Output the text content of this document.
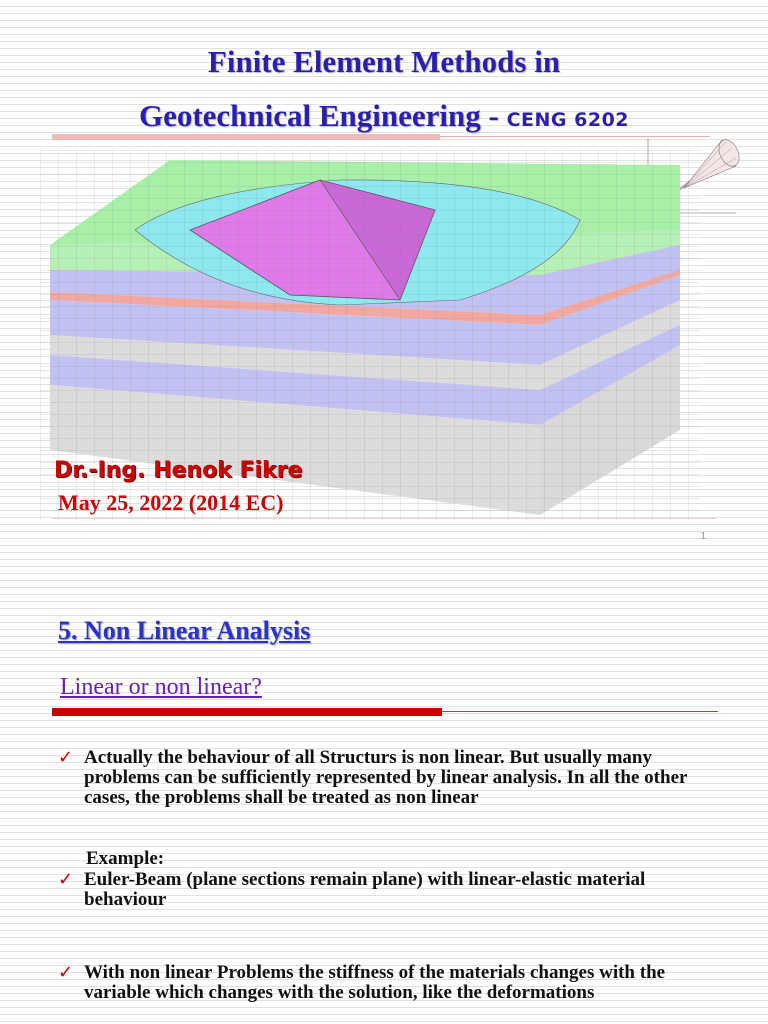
Finite Element Methods in
Geotechnical Engineering - CENG 6202
Dr.-Ing. Henok Fikre
May 25, 2022 (2014 EC)
1
5. Non Linear Analysis
Linear or non linear?
✓ Actually the behaviour of all Structurs is non linear. But usually many problems can be sufficiently represented by linear analysis. In all the other cases, the problems shall be treated as non linear
Example:
✓ Euler-Beam (plane sections remain plane) with linear-elastic material behaviour
✓ With non linear Problems the stiffness of the materials changes with the variable which changes with the solution, like the deformations
